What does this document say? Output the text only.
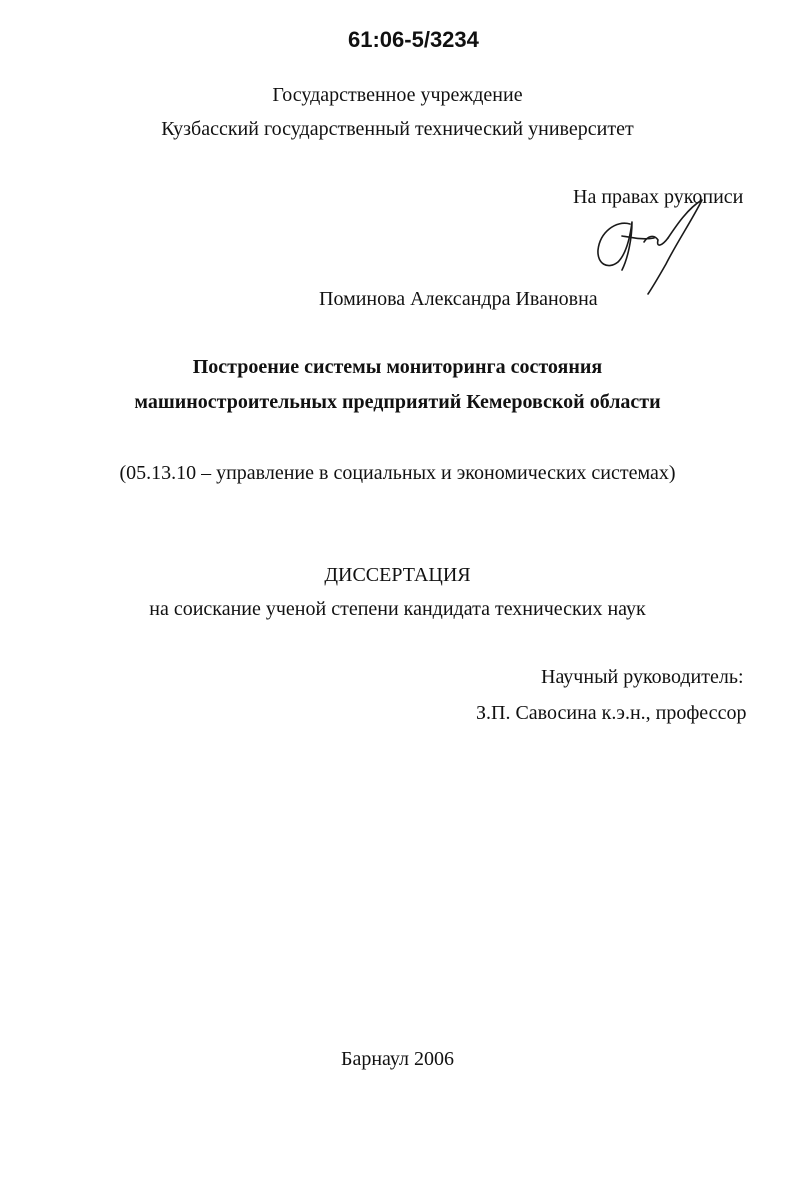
61:06-5/3234
Государственное учреждение
Кузбасский государственный технический университет
На правах рукописи
Поминова Александра Ивановна
Построение системы мониторинга состояния
машиностроительных предприятий Кемеровской области
(05.13.10 – управление в социальных и экономических системах)
ДИССЕРТАЦИЯ
на соискание ученой степени кандидата технических наук
Научный руководитель:
З.П. Савосина к.э.н., профессор
Барнаул 2006
